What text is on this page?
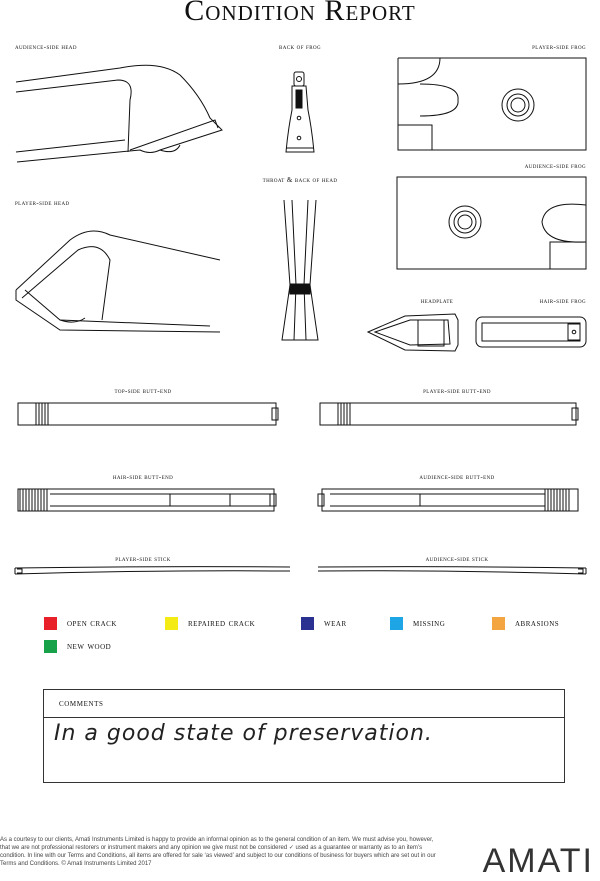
Condition Report
audience-side head	back of frog	player-side frog
audience-side frog
player-side head
throat & back of head
headplate	hair-side frog
top-side butt-end	player-side butt-end
hair-side butt-end	audience-side butt-end
player-side stick	audience-side stick
open crack	repaired crack	wear	missing	abrasions
new wood
comments
In a good state of preservation.
As a courtesy to our clients, Amati Instruments Limited is happy to provide an informal opinion as to the general condition of an item. We must advise you, however, that we are not professional restorers or instrument makers and any opinion we give must not be considered ✓ used as a guarantee or warranty as to an item’s condition. In line with our Terms and Conditions, all items are offered for sale ‘as viewed’ and subject to our conditions of business for buyers which are set out in our Terms and Conditions. © Amati Instruments Limited 2017	AMATI
